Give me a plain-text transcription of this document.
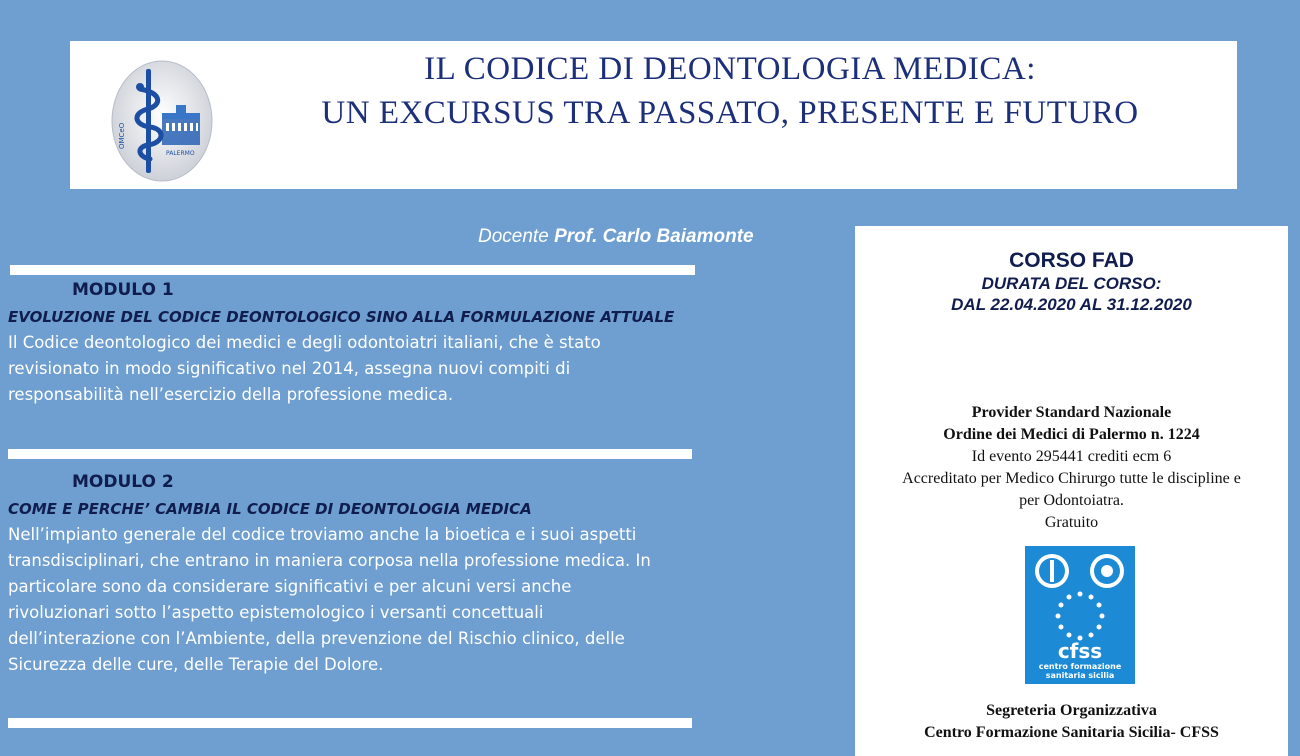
OMCeO
PALERMO
IL CODICE DI DEONTOLOGIA MEDICA:
UN EXCURSUS TRA PASSATO, PRESENTE E FUTURO
Docente Prof. Carlo Baiamonte
MODULO 1
EVOLUZIONE DEL CODICE DEONTOLOGICO SINO ALLA FORMULAZIONE ATTUALE
Il Codice deontologico dei medici e degli odontoiatri italiani, che è stato revisionato in modo significativo nel 2014, assegna nuovi compiti di responsabilità nell’esercizio della professione medica.
MODULO 2
COME E PERCHE’ CAMBIA IL CODICE DI DEONTOLOGIA MEDICA
Nell’impianto generale del codice troviamo anche la bioetica e i suoi aspetti transdisciplinari, che entrano in maniera corposa nella professione medica. In particolare sono da considerare significativi e per alcuni versi anche rivoluzionari sotto l’aspetto epistemologico i versanti concettuali dell’interazione con l’Ambiente, della prevenzione del Rischio clinico, delle Sicurezza delle cure, delle Terapie del Dolore.
CORSO FAD
DURATA DEL CORSO:
DAL 22.04.2020 AL 31.12.2020
Provider Standard Nazionale
Ordine dei Medici di Palermo n. 1224
Id evento 295441 crediti ecm 6
Accreditato per Medico Chirurgo tutte le discipline e
per Odontoiatra.
Gratuito
cfss
centro formazione
sanitaria sicilia
Segreteria Organizzativa
Centro Formazione Sanitaria Sicilia- CFSS
